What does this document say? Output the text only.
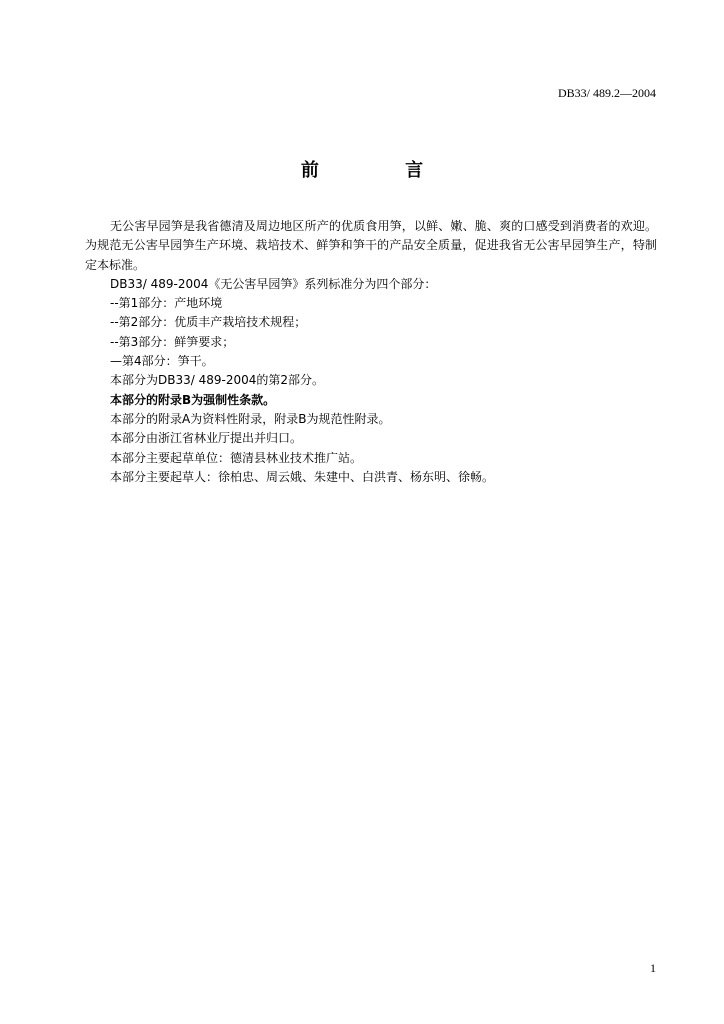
DB33/ 489.2—2004
前 言

无公害早园笋是我省德清及周边地区所产的优质食用笋，以鲜、嫩、脆、爽的口感受到消费者的欢迎。为规范无公害早园笋生产环境、栽培技术、鲜笋和笋干的产品安全质量，促进我省无公害早园笋生产，特制定本标准。

DB33/ 489-2004《无公害早园笋》系列标准分为四个部分：

--第1部分：产地环境

--第2部分：优质丰产栽培技术规程；

--第3部分：鲜笋要求；

—第4部分：笋干。

本部分为DB33/ 489-2004的第2部分。

本部分的附录B为强制性条款。

本部分的附录A为资料性附录，附录B为规范性附录。

本部分由浙江省林业厅提出并归口。

本部分主要起草单位：德清县林业技术推广站。

本部分主要起草人：徐柏忠、周云娥、朱建中、白洪青、杨东明、徐畅。

1
